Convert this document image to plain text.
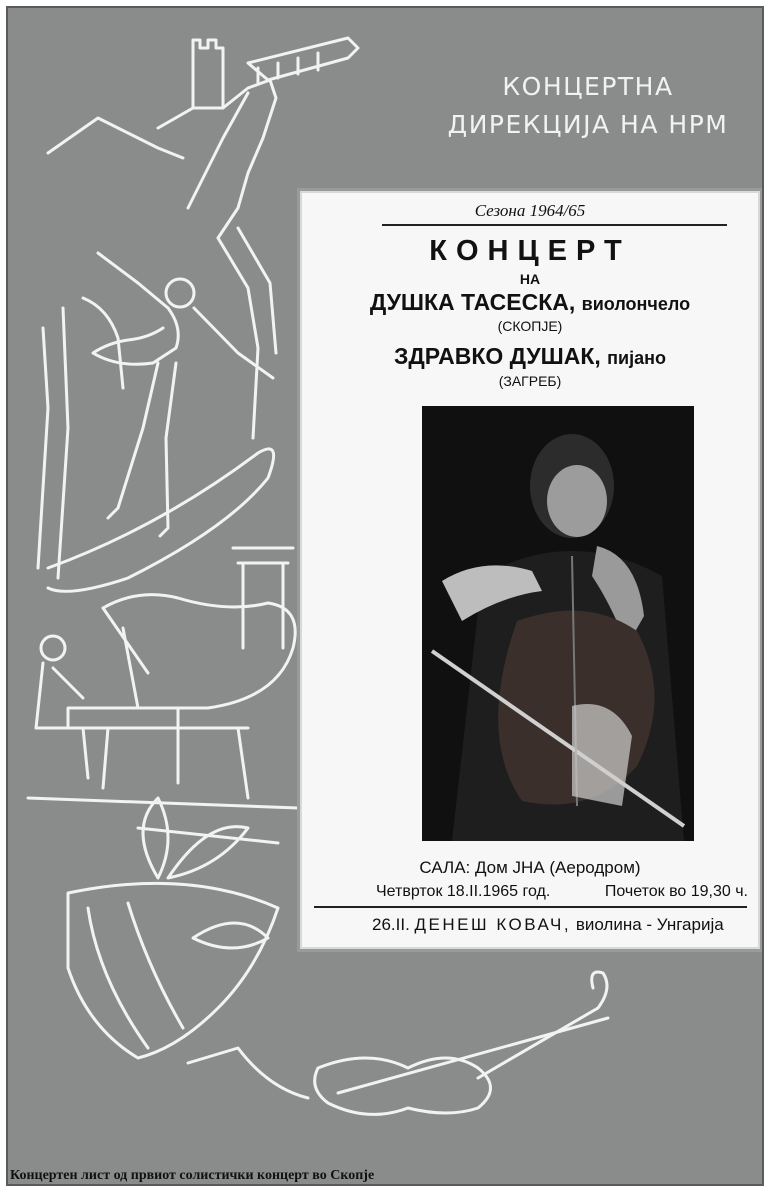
КОНЦЕРТНА
ДИРЕКЦИЈА НА НРМ
Сезона 1964/65
КОНЦЕРТ
НА
ДУШКА ТАСЕСКА, виолончело
(СКОПЈЕ)
ЗДРАВКО ДУШАК, пијано
(ЗАГРЕБ)
САЛА: Дом ЈНА (Аеродром)
Четврток 18.II.1965 год.	Почеток во 19,30 ч.
26.II. ДЕНЕШ КОВАЧ, виолина - Унгарија
Концертен лист од првиот солистички концерт во Скопје
